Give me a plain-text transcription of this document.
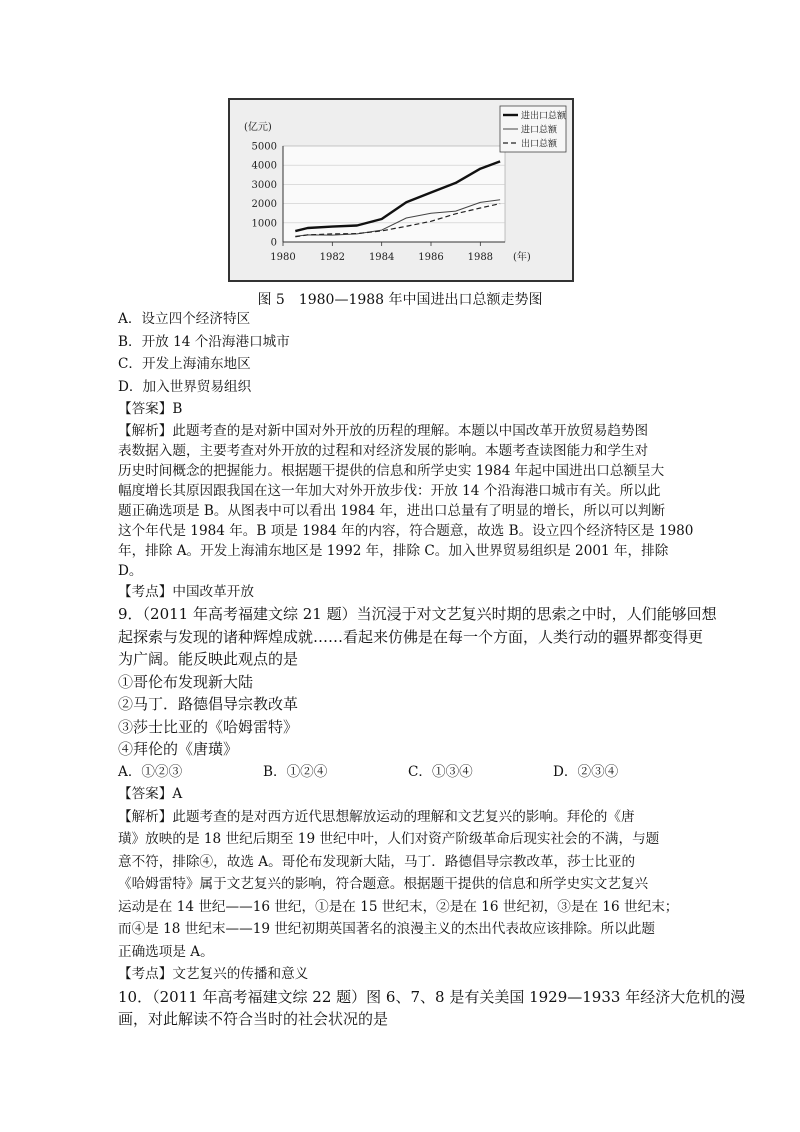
5000
4000
3000
2000
1000
0
1980 1982 1984 1986 1988
(亿元)
(年)
进出口总额
进口总额
出口总额
图 5　1980—1988 年中国进出口总额走势图
A．设立四个经济特区
B．开放 14 个沿海港口城市
C．开发上海浦东地区
D．加入世界贸易组织
【答案】B
【解析】此题考查的是对新中国对外开放的历程的理解。本题以中国改革开放贸易趋势图
表数据入题，主要考查对外开放的过程和对经济发展的影响。本题考查读图能力和学生对
历史时间概念的把握能力。根据题干提供的信息和所学史实 1984 年起中国进出口总额呈大
幅度增长其原因跟我国在这一年加大对外开放步伐：开放 14 个沿海港口城市有关。所以此
题正确选项是 B。从图表中可以看出 1984 年，进出口总量有了明显的增长，所以可以判断
这个年代是 1984 年。B 项是 1984 年的内容，符合题意，故选 B。设立四个经济特区是 1980
年，排除 A。开发上海浦东地区是 1992 年，排除 C。加入世界贸易组织是 2001 年，排除
D。
【考点】中国改革开放
9．（2011 年高考福建文综 21 题）当沉浸于对文艺复兴时期的思索之中时，人们能够回想
起探索与发现的诸种辉煌成就……看起来仿佛是在每一个方面，人类行动的疆界都变得更
为广阔。能反映此观点的是
①哥伦布发现新大陆
②马丁．路德倡导宗教改革
③莎士比亚的《哈姆雷特》
④拜伦的《唐璜》
A．①②③	B．①②④	C．①③④	D．②③④
【答案】A
【解析】此题考查的是对西方近代思想解放运动的理解和文艺复兴的影响。拜伦的《唐
璜》放映的是 18 世纪后期至 19 世纪中叶，人们对资产阶级革命后现实社会的不满，与题
意不符，排除④，故选 A。哥伦布发现新大陆，马丁．路德倡导宗教改革，莎士比亚的
《哈姆雷特》属于文艺复兴的影响，符合题意。根据题干提供的信息和所学史实文艺复兴
运动是在 14 世纪——16 世纪，①是在 15 世纪末，②是在 16 世纪初，③是在 16 世纪末；
而④是 18 世纪末——19 世纪初期英国著名的浪漫主义的杰出代表故应该排除。所以此题
正确选项是 A。
【考点】文艺复兴的传播和意义
10．（2011 年高考福建文综 22 题）图 6、7、8 是有关美国 1929—1933 年经济大危机的漫
画，对此解读不符合当时的社会状况的是
